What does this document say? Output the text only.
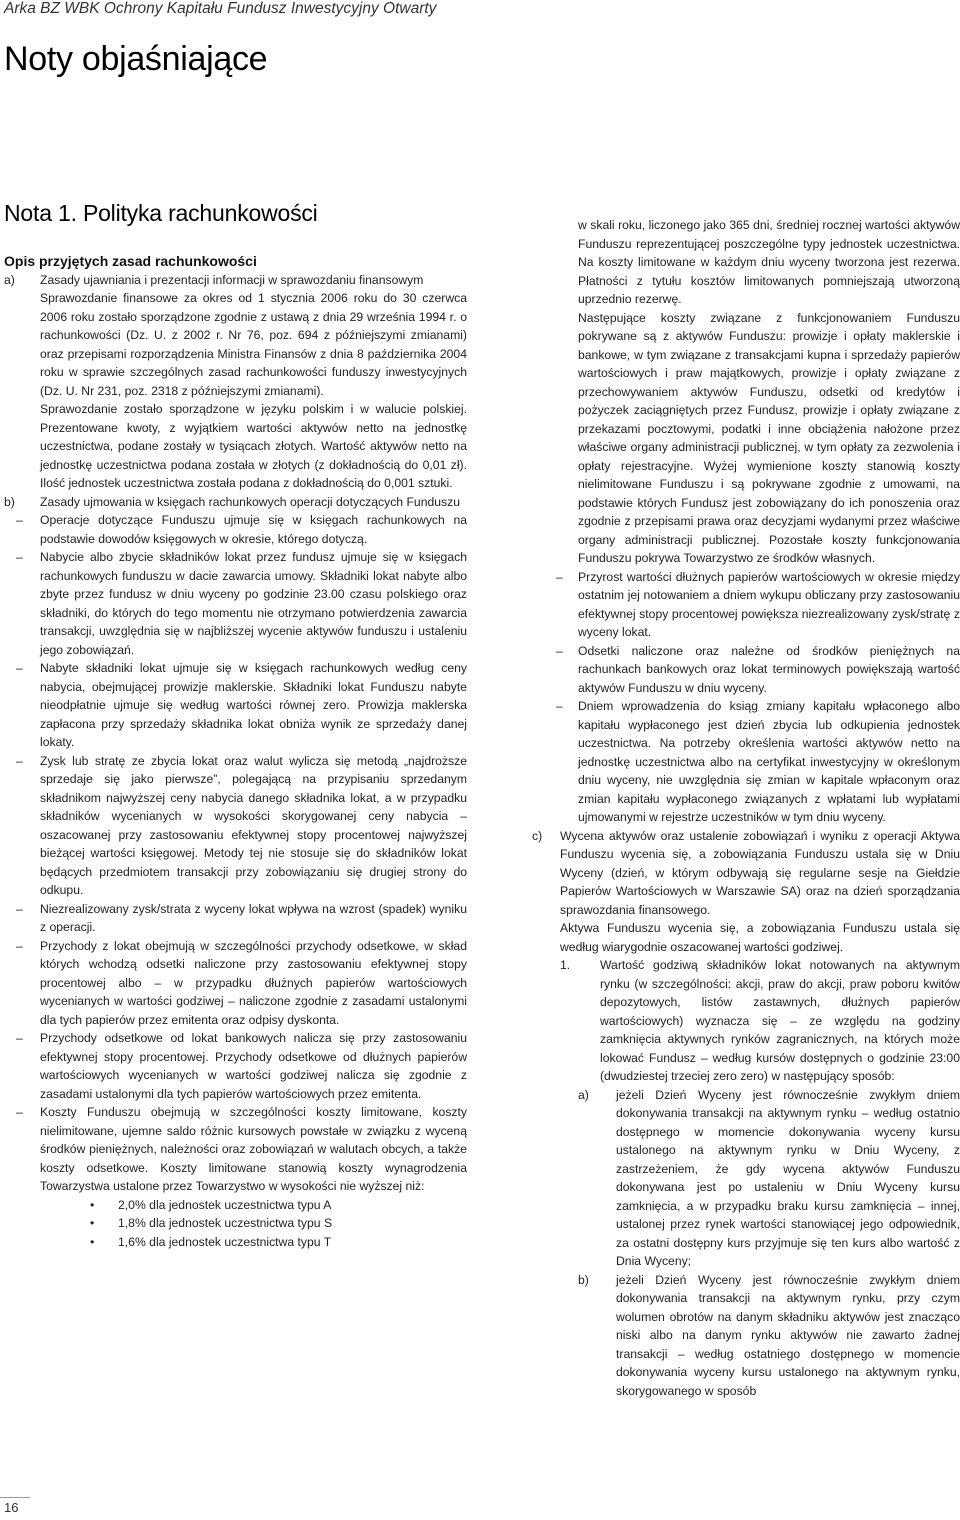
Arka BZ WBK Ochrony Kapitału Fundusz Inwestycyjny Otwarty
Noty objaśniające
Nota 1. Polityka rachunkowości
Opis przyjętych zasad rachunkowości
a) Zasady ujawniania i prezentacji informacji w sprawozdaniu finansowym
Sprawozdanie finansowe za okres od 1 stycznia 2006 roku do 30 czerwca 2006 roku zostało sporządzone zgodnie z ustawą z dnia 29 września 1994 r. o rachunkowości (Dz. U. z 2002 r. Nr 76, poz. 694 z późniejszymi zmianami) oraz przepisami rozporządzenia Ministra Finansów z dnia 8 października 2004 roku w sprawie szczególnych zasad rachunkowości funduszy inwestycyjnych (Dz. U. Nr 231, poz. 2318 z późniejszymi zmianami).
Sprawozdanie zostało sporządzone w języku polskim i w walucie polskiej. Prezentowane kwoty, z wyjątkiem wartości aktywów netto na jednostkę uczestnictwa, podane zostały w tysiącach złotych. Wartość aktywów netto na jednostkę uczestnictwa podana została w złotych (z dokładnością do 0,01 zł). Ilość jednostek uczestnictwa została podana z dokładnością do 0,001 sztuki.
b) Zasady ujmowania w księgach rachunkowych operacji dotyczących Funduszu
– Operacje dotyczące Funduszu ujmuje się w księgach rachunkowych na podstawie dowodów księgowych w okresie, którego dotyczą.
– Nabycie albo zbycie składników lokat przez fundusz ujmuje się w księgach rachunkowych funduszu w dacie zawarcia umowy. Składniki lokat nabyte albo zbyte przez fundusz w dniu wyceny po godzinie 23.00 czasu polskiego oraz składniki, do których do tego momentu nie otrzymano potwierdzenia zawarcia transakcji, uwzględnia się w najbliższej wycenie aktywów funduszu i ustaleniu jego zobowiązań.
– Nabyte składniki lokat ujmuje się w księgach rachunkowych według ceny nabycia, obejmującej prowizje maklerskie. Składniki lokat Funduszu nabyte nieodpłatnie ujmuje się według wartości równej zero. Prowizja maklerska zapłacona przy sprzedaży składnika lokat obniża wynik ze sprzedaży danej lokaty.
– Zysk lub stratę ze zbycia lokat oraz walut wylicza się metodą „najdroższe sprzedaje się jako pierwsze”, polegającą na przypisaniu sprzedanym składnikom najwyższej ceny nabycia danego składnika lokat, a w przypadku składników wycenianych w wysokości skorygowanej ceny nabycia – oszacowanej przy zastosowaniu efektywnej stopy procentowej najwyższej bieżącej wartości księgowej. Metody tej nie stosuje się do składników lokat będących przedmiotem transakcji przy zobowiązaniu się drugiej strony do odkupu.
– Niezrealizowany zysk/strata z wyceny lokat wpływa na wzrost (spadek) wyniku z operacji.
– Przychody z lokat obejmują w szczególności przychody odsetkowe, w skład których wchodzą odsetki naliczone przy zastosowaniu efektywnej stopy procentowej albo – w przypadku dłużnych papierów wartościowych wycenianych w wartości godziwej – naliczone zgodnie z zasadami ustalonymi dla tych papierów przez emitenta oraz odpisy dyskonta.
– Przychody odsetkowe od lokat bankowych nalicza się przy zastosowaniu efektywnej stopy procentowej. Przychody odsetkowe od dłużnych papierów wartościowych wycenianych w wartości godziwej nalicza się zgodnie z zasadami ustalonymi dla tych papierów wartościowych przez emitenta.
– Koszty Funduszu obejmują w szczególności koszty limitowane, koszty nielimitowane, ujemne saldo różnic kursowych powstałe w związku z wyceną środków pieniężnych, należności oraz zobowiązań w walutach obcych, a także koszty odsetkowe. Koszty limitowane stanowią koszty wynagrodzenia Towarzystwa ustalone przez Towarzystwo w wysokości nie wyższej niż:
• 2,0% dla jednostek uczestnictwa typu A
• 1,8% dla jednostek uczestnictwa typu S
• 1,6% dla jednostek uczestnictwa typu T
w skali roku, liczonego jako 365 dni, średniej rocznej wartości aktywów Funduszu reprezentującej poszczególne typy jednostek uczestnictwa. Na koszty limitowane w każdym dniu wyceny tworzona jest rezerwa. Płatności z tytułu kosztów limitowanych pomniejszają utworzoną uprzednio rezerwę.
Następujące koszty związane z funkcjonowaniem Funduszu pokrywane są z aktywów Funduszu: prowizje i opłaty maklerskie i bankowe, w tym związane z transakcjami kupna i sprzedaży papierów wartościowych i praw majątkowych, prowizje i opłaty związane z przechowywaniem aktywów Funduszu, odsetki od kredytów i pożyczek zaciągniętych przez Fundusz, prowizje i opłaty związane z przekazami pocztowymi, podatki i inne obciążenia nałożone przez właściwe organy administracji publicznej, w tym opłaty za zezwolenia i opłaty rejestracyjne. Wyżej wymienione koszty stanowią koszty nielimitowane Funduszu i są pokrywane zgodnie z umowami, na podstawie których Fundusz jest zobowiązany do ich ponoszenia oraz zgodnie z przepisami prawa oraz decyzjami wydanymi przez właściwe organy administracji publicznej. Pozostałe koszty funkcjonowania Funduszu pokrywa Towarzystwo ze środków własnych.
– Przyrost wartości dłużnych papierów wartościowych w okresie między ostatnim jej notowaniem a dniem wykupu obliczany przy zastosowaniu efektywnej stopy procentowej powiększa niezrealizowany zysk/stratę z wyceny lokat.
– Odsetki naliczone oraz należne od środków pieniężnych na rachunkach bankowych oraz lokat terminowych powiększają wartość aktywów Funduszu w dniu wyceny.
– Dniem wprowadzenia do ksiąg zmiany kapitału wpłaconego albo kapitału wypłaconego jest dzień zbycia lub odkupienia jednostek uczestnictwa. Na potrzeby określenia wartości aktywów netto na jednostkę uczestnictwa albo na certyfikat inwestycyjny w określonym dniu wyceny, nie uwzględnia się zmian w kapitale wpłaconym oraz zmian kapitału wypłaconego związanych z wpłatami lub wypłatami ujmowanymi w rejestrze uczestników w tym dniu wyceny.
c) Wycena aktywów oraz ustalenie zobowiązań i wyniku z operacji Aktywa Funduszu wycenia się, a zobowiązania Funduszu ustala się w Dniu Wyceny (dzień, w którym odbywają się regularne sesje na Giełdzie Papierów Wartościowych w Warszawie SA) oraz na dzień sporządzania sprawozdania finansowego.
Aktywa Funduszu wycenia się, a zobowiązania Funduszu ustala się według wiarygodnie oszacowanej wartości godziwej.
1. Wartość godziwą składników lokat notowanych na aktywnym rynku (w szczególności: akcji, praw do akcji, praw poboru kwitów depozytowych, listów zastawnych, dłużnych papierów wartościowych) wyznacza się – ze względu na godziny zamknięcia aktywnych rynków zagranicznych, na których może lokować Fundusz – według kursów dostępnych o godzinie 23:00 (dwudziestej trzeciej zero zero) w następujący sposób:
a) jeżeli Dzień Wyceny jest równocześnie zwykłym dniem dokonywania transakcji na aktywnym rynku – według ostatnio dostępnego w momencie dokonywania wyceny kursu ustalonego na aktywnym rynku w Dniu Wyceny, z zastrzeżeniem, że gdy wycena aktywów Funduszu dokonywana jest po ustaleniu w Dniu Wyceny kursu zamknięcia, a w przypadku braku kursu zamknięcia – innej, ustalonej przez rynek wartości stanowiącej jego odpowiednik, za ostatni dostępny kurs przyjmuje się ten kurs albo wartość z Dnia Wyceny;
b) jeżeli Dzień Wyceny jest równocześnie zwykłym dniem dokonywania transakcji na aktywnym rynku, przy czym wolumen obrotów na danym składniku aktywów jest znacząco niski albo na danym rynku aktywów nie zawarto żadnej transakcji – według ostatniego dostępnego w momencie dokonywania wyceny kursu ustalonego na aktywnym rynku, skorygowanego w sposób
16
